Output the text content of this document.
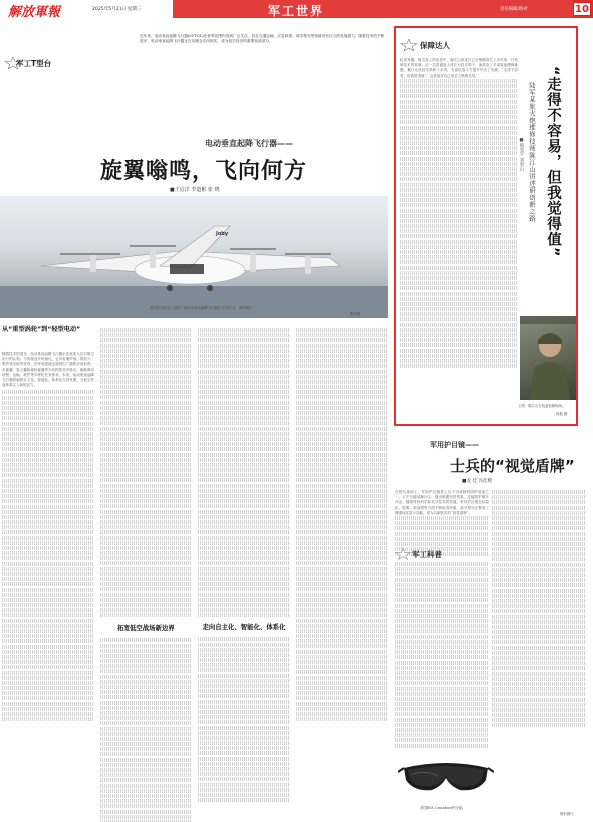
解放軍報	2025年5月21日 星期三	军工世界	责任编辑/校对	10
军工T型台
近年来，电动垂直起降飞行器(eVTOL)在世界范围内受到广泛关注，其在交通运输、应急救援、城市观光等领域具有巨大的发展潜力。随着技术的不断进步，电动垂直起降飞行器正在从概念走向现实，成为低空经济的重要组成部分。
电动垂直起降飞行器——
旋翼嗡鸣，飞向何方
■王启洋 李道彬 张 晓
Joby
美国乔比航空公司的一款电动垂直起降飞行器在空中试飞。 资料图片
资料图
从“重型涡轮”到“轻型电动”
随着技术的进步，电动垂直起降飞行器正在改变人们对航空出行的认知。与传统直升机相比，它具有噪声低、排放少、维护成本低等优势，在军用领域也展现出广阔的应用前景。多旋翼、复合翼和倾转旋翼等不同构型各有特点，能够满足侦察、运输、救护等多样化任务需求。未来，电动垂直起降飞行器将朝着自主化、智能化、体系化方向发展，为低空作战体系注入新的活力。
拓宽低空战场新边界	走向自主化、智能化、体系化
保障达人
轻谈易懂，简言直入的话语中，谢江山讲述自己在维修岗位上多年如一日钻研技术的故事。从一名普通战士成长为技术骨干，他攻克了多项装备维修难题，累计完成技术革新十余项，为部队战斗力提升作出了贡献。“走得不容易，但我觉得值”，这是他对自己成长之路的总结。	“走得不容易，但我觉得值”
陆军某旅火炮维修技师陈江山讲述研创新之路
■熊奕宇 刘勇山
上图：陈江山在装备检修现场。
杨振 摄
军用护目镜——
士兵的“视觉盾牌”
■龙 佳 冯佳楷
在现代战场上，军用护目镜是士兵不可或缺的防护装备之一。它不仅能抵御沙尘、强光和激光的伤害，还能防护破片冲击。随着材料科学和光学技术的发展，军用护目镜在轻量化、防雾、防刮擦等方面不断取得突破，部分型号还集成了增强现实显示功能，成为名副其实的“视觉盾牌”。
军工科普
美国ESS Crossbow护目镜。
资料图片
